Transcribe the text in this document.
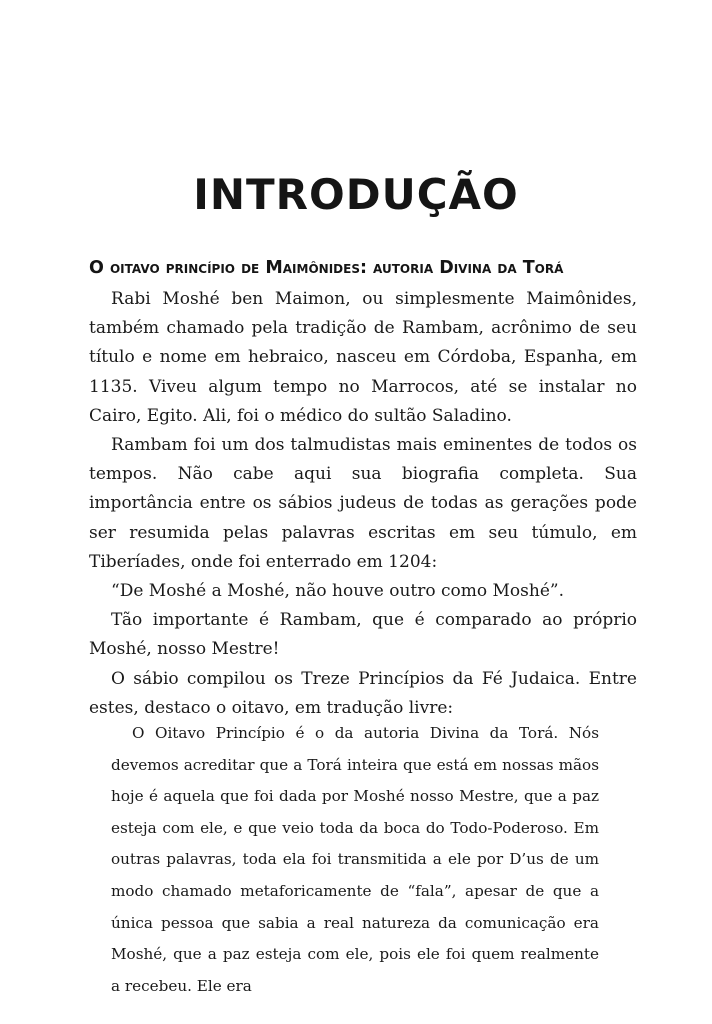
INTRODUÇÃO
O oitavo princípio de Maimônides: autoria Divina da Torá

Rabi Moshé ben Maimon, ou simplesmente Maimônides, também chamado pela tradição de Rambam, acrônimo de seu título e nome em hebraico, nasceu em Córdoba, Espanha, em 1135. Viveu algum tempo no Marrocos, até se instalar no Cairo, Egito. Ali, foi o médico do sultão Saladino.

Rambam foi um dos talmudistas mais eminentes de todos os tempos. Não cabe aqui sua biografia completa. Sua importância entre os sábios judeus de todas as gerações pode ser resumida pelas palavras escritas em seu túmulo, em Tiberíades, onde foi enterrado em 1204:

“De Moshé a Moshé, não houve outro como Moshé”.

Tão importante é Rambam, que é comparado ao próprio Moshé, nosso Mestre!

O sábio compilou os Treze Princípios da Fé Judaica. Entre estes, destaco o oitavo, em tradução livre:

O Oitavo Princípio é o da autoria Divina da Torá. Nós devemos acreditar que a Torá inteira que está em nossas mãos hoje é aquela que foi dada por Moshé nosso Mestre, que a paz esteja com ele, e que veio toda da boca do Todo-Poderoso. Em outras palavras, toda ela foi transmitida a ele por D’us de um modo chamado metaforicamente de “fala”, apesar de que a única pessoa que sabia a real natureza da comunicação era Moshé, que a paz esteja com ele, pois ele foi quem realmente a recebeu. Ele era
